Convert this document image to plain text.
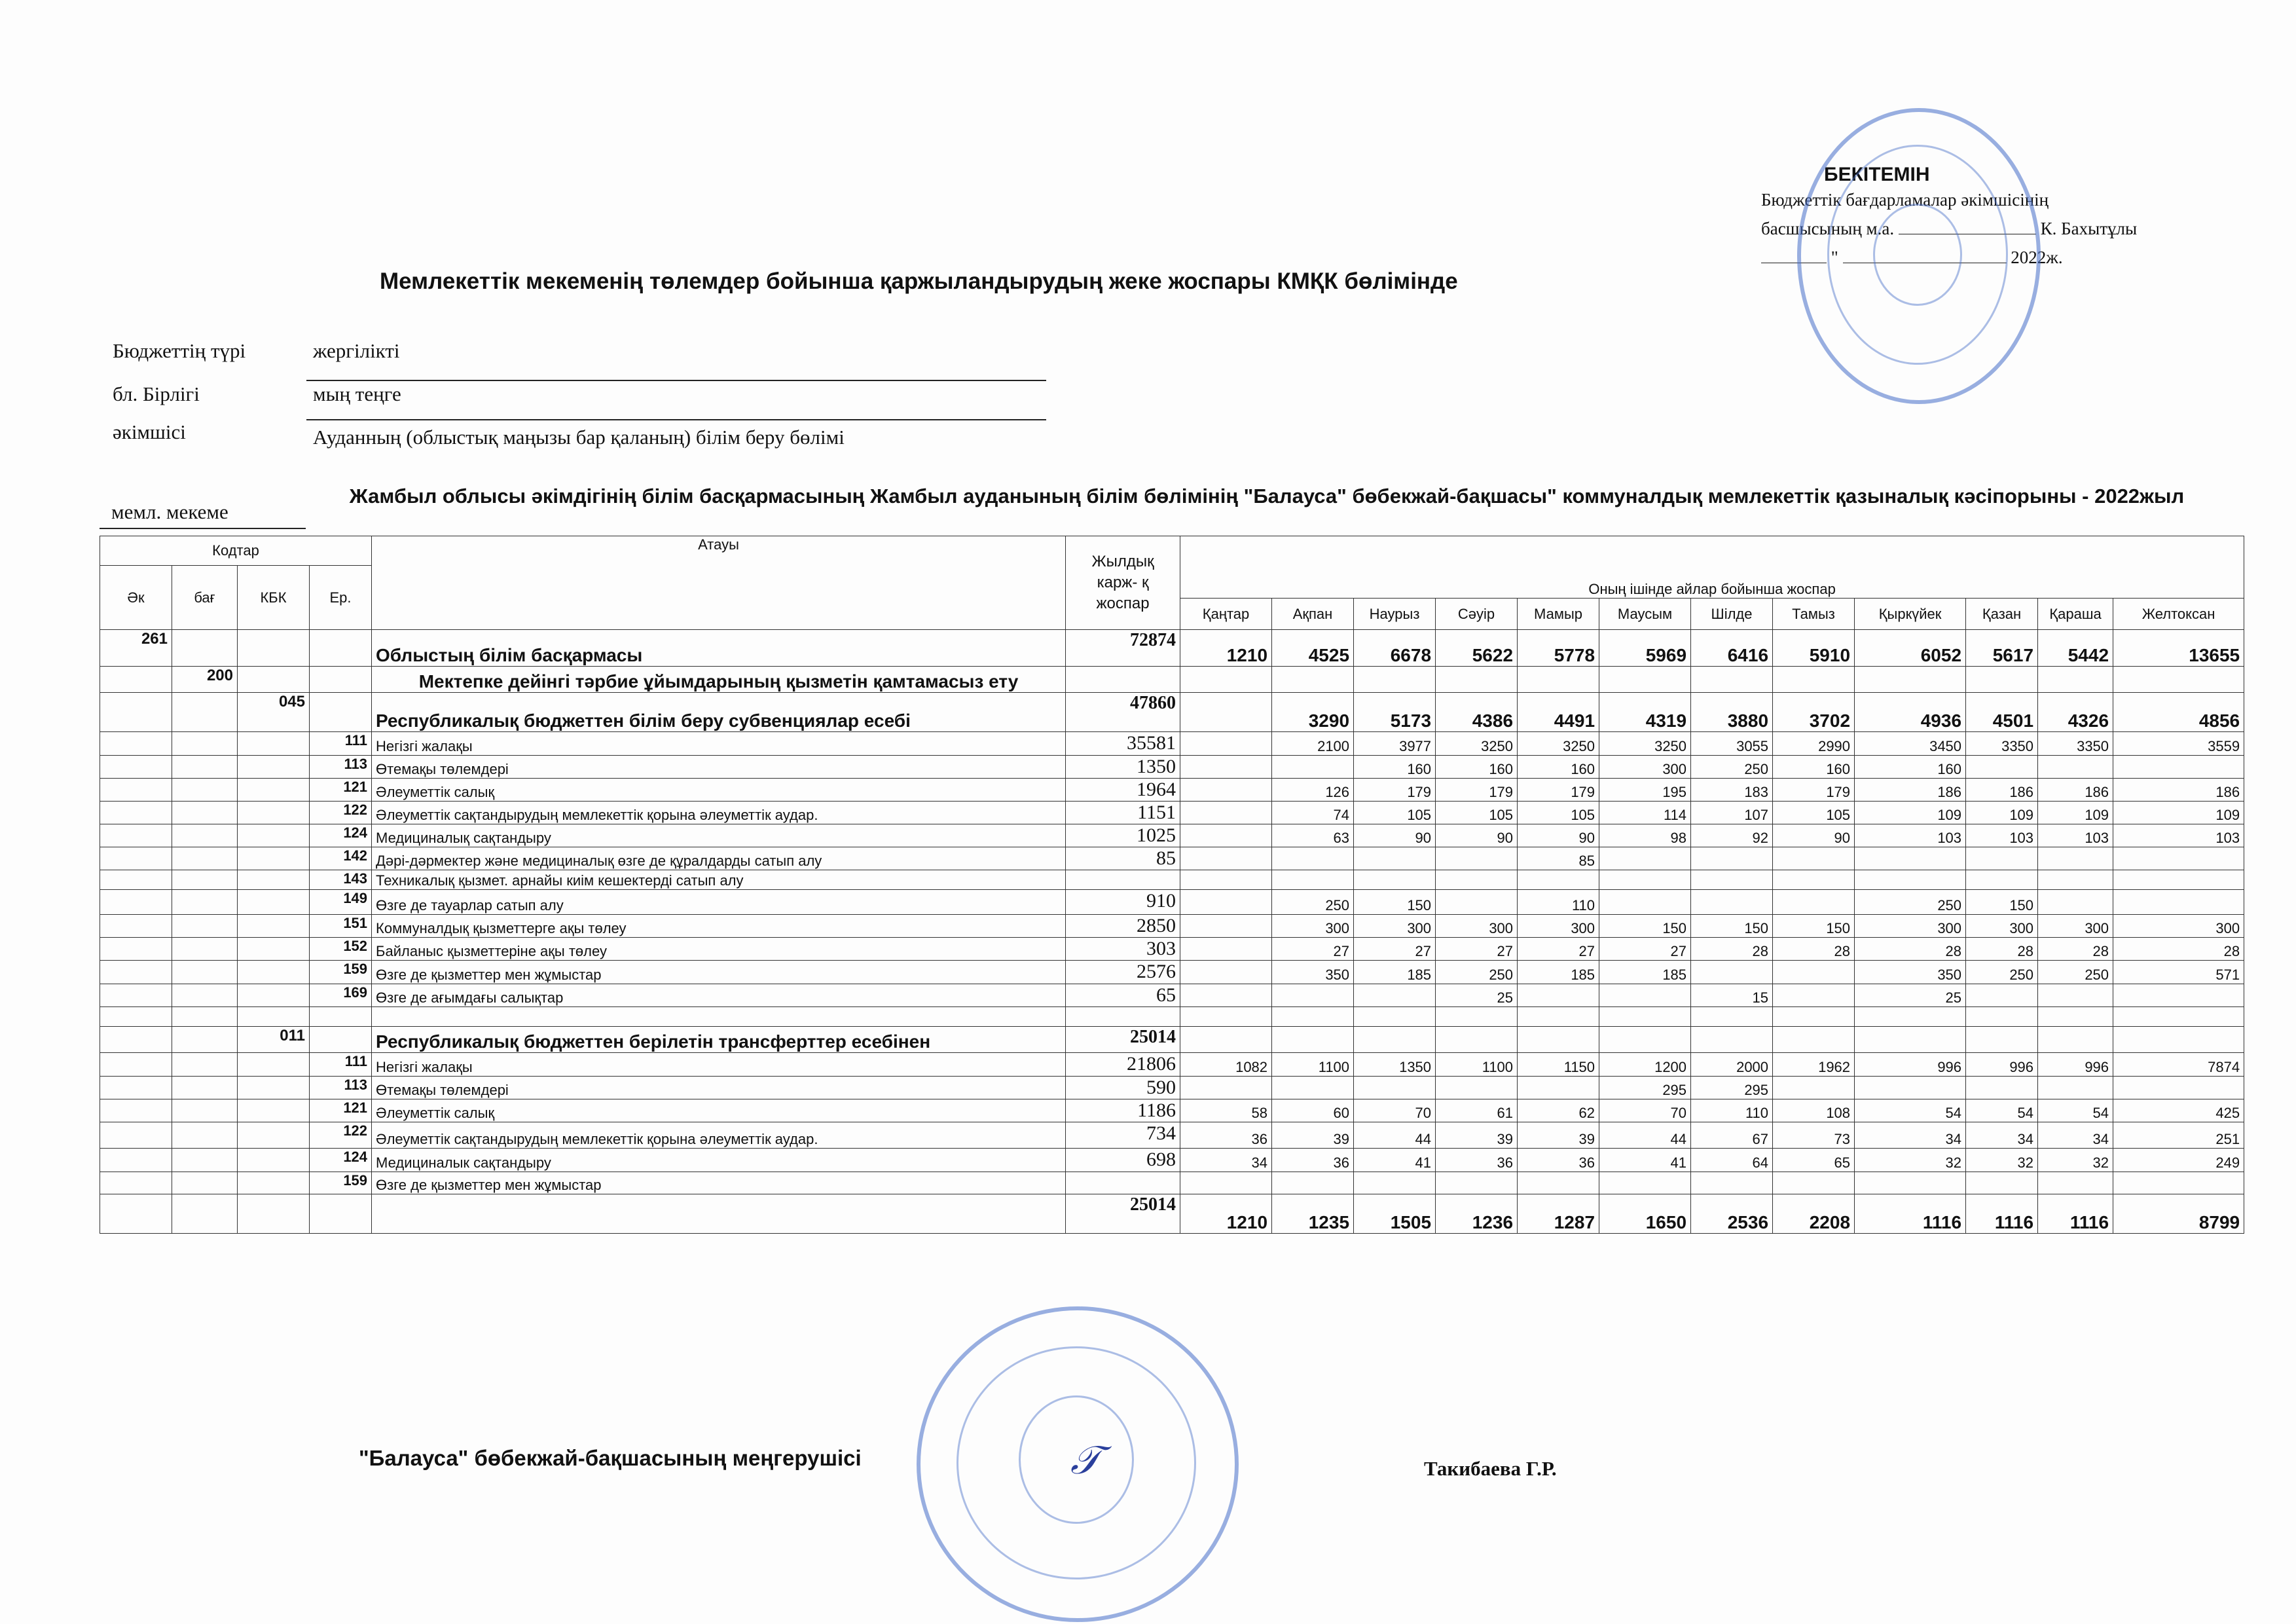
БЕКІТЕМІН
Бюджеттік бағдарламалар әкімшісінің
басшысының м.а.	К. Бахытұлы
"	2022ж.
Мемлекеттік мекеменің төлемдер бойынша қаржыландырудың жеке жоспары КМҚК бөлімінде
Бюджеттің түрі	жергілікті
бл. Бірлігі	мың теңге
әкімшісі	Ауданның (облыстық маңызы бар қаланың) білім беру бөлімі
Жамбыл облысы әкімдігінің білім басқармасының Жамбыл ауданының білім бөлімінің "Балауса" бөбекжай-бақшасы" коммуналдық мемлекеттік қазыналық кәсіпорыны - 2022жыл
мемл. мекеме
Кодтар				Атауы	Жылдық карж- қ жоспар	Оның ішінде айлар бойынша жоспар											
Әк	бағ	КБК	Ер.														
						Қаңтар	Ақпан	Наурыз	Сәуір	Мамыр	Маусым	Шілде	Тамыз	Қыркүйек	Қазан	Қараша	Желтоксан
261				Облыстың білім басқармасы	72874	1210	4525	6678	5622	5778	5969	6416	5910	6052	5617	5442	13655
	200			Мектепке дейінгі тәрбие ұйымдарының қызметін қамтамасыз ету													
		045		Республикалық бюджеттен білім беру субвенциялар есебі	47860		3290	5173	4386	4491	4319	3880	3702	4936	4501	4326	4856
			111	Негізгі жалақы	35581		2100	3977	3250	3250	3250	3055	2990	3450	3350	3350	3559
			113	Өтемақы төлемдері	1350			160	160	160	300	250	160	160			
			121	Әлеуметтік салық	1964		126	179	179	179	195	183	179	186	186	186	186
			122	Әлеуметтік сақтандырудың мемлекеттік қорына әлеуметтік аудар.	1151		74	105	105	105	114	107	105	109	109	109	109
			124	Медициналық сақтандыру	1025		63	90	90	90	98	92	90	103	103	103	103
			142	Дәрі-дәрмектер және медициналық өзге де құралдарды сатып алу	85					85							
			143	Техникалық қызмет. арнайы киім кешектерді сатып алу													
			149	Өзге де тауарлар сатып алу	910		250	150		110				250	150		
			151	Коммуналдық қызметтерге ақы төлеу	2850		300	300	300	300	150	150	150	300	300	300	300
			152	Байланыс қызметтеріне ақы төлеу	303		27	27	27	27	27	28	28	28	28	28	28
			159	Өзге де қызметтер мен жұмыстар	2576		350	185	250	185	185			350	250	250	571
			169	Өзге де ағымдағы салықтар	65				25			15		25			

		011		Республикалық бюджеттен берілетін трансферттер есебінен	25014												
			111	Негізгі жалақы	21806	1082	1100	1350	1100	1150	1200	2000	1962	996	996	996	7874
			113	Өтемақы төлемдері	590						295	295					
			121	Әлеуметтік салық	1186	58	60	70	61	62	70	110	108	54	54	54	425
			122	Әлеуметтік сақтандырудың мемлекеттік қорына әлеуметтік аудар.	734	36	39	44	39	39	44	67	73	34	34	34	251
			124	Медициналык сақтандыру	698	34	36	41	36	36	41	64	65	32	32	32	249
			159	Өзге де қызметтер мен жұмыстар													
					25014	1210	1235	1505	1236	1287	1650	2536	2208	1116	1116	1116	8799
"Балауса" бөбекжай-бақшасының меңгерушісі	𝒯	Такибаева Г.Р.
